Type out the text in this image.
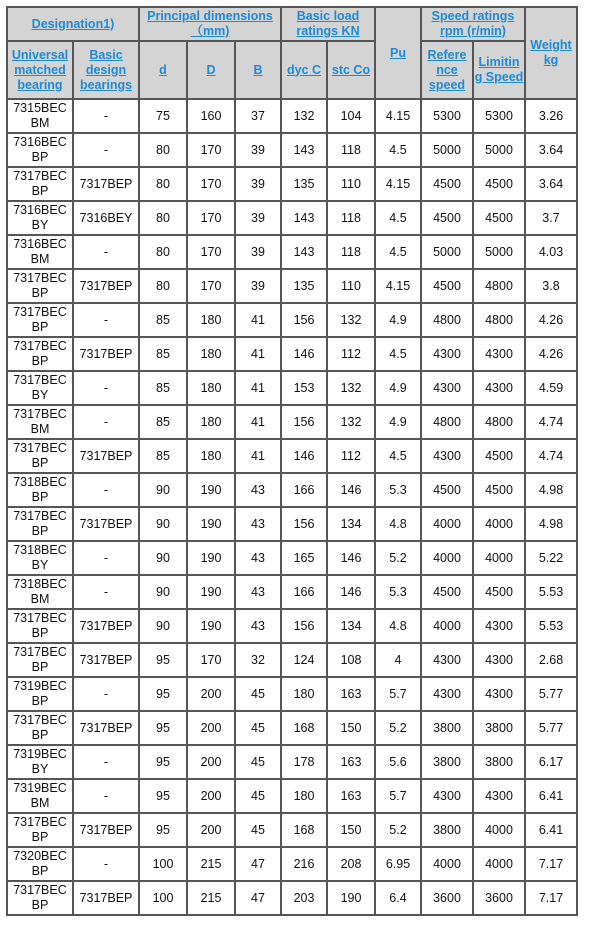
Designation1)		Principal dimensions （mm)			Basic load ratings KN		Pu	Speed ratings rpm (r/min)		Weight kg
Universal matched bearing	Basic design bearings	d	D	B	dyc C	stc Co		Refere nce speed	Limitin g Speed	
7315BEC BM	-	75	160	37	132	104	4.15	5300	5300	3.26
7316BEC BP	-	80	170	39	143	118	4.5	5000	5000	3.64
7317BEC BP	7317BEP	80	170	39	135	110	4.15	4500	4500	3.64
7316BEC BY	7316BEY	80	170	39	143	118	4.5	4500	4500	3.7
7316BEC BM	-	80	170	39	143	118	4.5	5000	5000	4.03
7317BEC BP	7317BEP	80	170	39	135	110	4.15	4500	4800	3.8
7317BEC BP	-	85	180	41	156	132	4.9	4800	4800	4.26
7317BEC BP	7317BEP	85	180	41	146	112	4.5	4300	4300	4.26
7317BEC BY	-	85	180	41	153	132	4.9	4300	4300	4.59
7317BEC BM	-	85	180	41	156	132	4.9	4800	4800	4.74
7317BEC BP	7317BEP	85	180	41	146	112	4.5	4300	4500	4.74
7318BEC BP	-	90	190	43	166	146	5.3	4500	4500	4.98
7317BEC BP	7317BEP	90	190	43	156	134	4.8	4000	4000	4.98
7318BEC BY	-	90	190	43	165	146	5.2	4000	4000	5.22
7318BEC BM	-	90	190	43	166	146	5.3	4500	4500	5.53
7317BEC BP	7317BEP	90	190	43	156	134	4.8	4000	4300	5.53
7317BEC BP	7317BEP	95	170	32	124	108	4	4300	4300	2.68
7319BEC BP	-	95	200	45	180	163	5.7	4300	4300	5.77
7317BEC BP	7317BEP	95	200	45	168	150	5.2	3800	3800	5.77
7319BEC BY	-	95	200	45	178	163	5.6	3800	3800	6.17
7319BEC BM	-	95	200	45	180	163	5.7	4300	4300	6.41
7317BEC BP	7317BEP	95	200	45	168	150	5.2	3800	4000	6.41
7320BEC BP	-	100	215	47	216	208	6.95	4000	4000	7.17
7317BEC BP	7317BEP	100	215	47	203	190	6.4	3600	3600	7.17
